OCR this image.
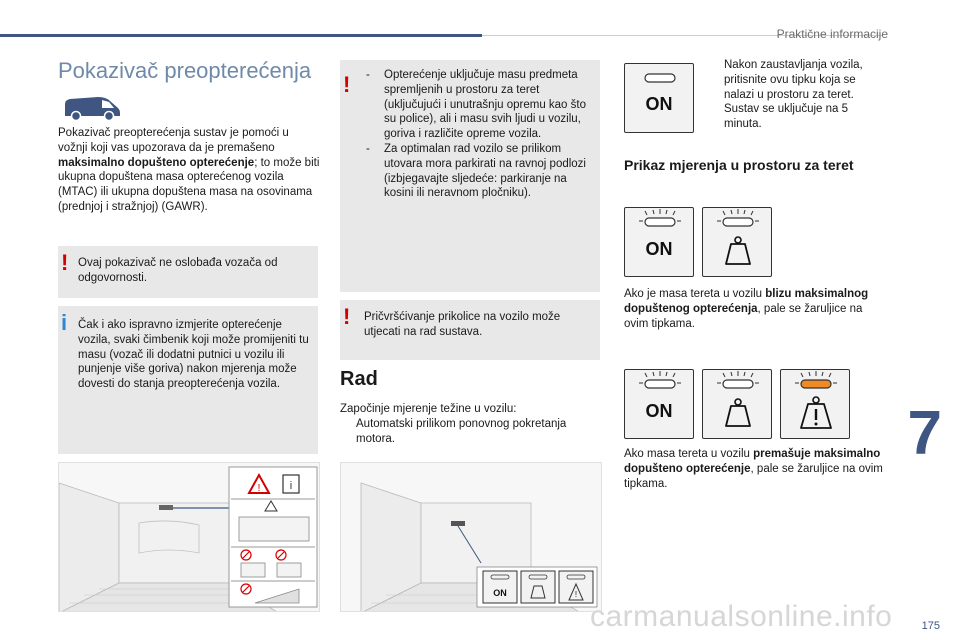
Praktične informacije
Pokazivač preopterećenja
Pokazivač preopterećenja sustav je pomoći u vožnji koji vas upozorava da je premašeno maksimalno dopušteno opterećenje; to može biti ukupna dopuštena masa opterećenog vozila (MTAC) ili ukupna dopuštena masa na osovinama (prednjoj i stražnjoj) (GAWR).
! Ovaj pokazivač ne oslobađa vozača od odgovornosti.
i Čak i ako ispravno izmjerite opterećenje vozila, svaki čimbenik koji može promijeniti tu masu (vozač ili dodatni putnici u vozilu ili punjenje više goriva) nakon mjerenja može dovesti do stanja preopterećenja vozila.
!	i
! - Opterećenje uključuje masu predmeta spremljenih u prostoru za teret (uključujući i unutrašnju opremu kao što su police), ali i masu svih ljudi u vozilu, goriva i različite opreme vozila.
- Za optimalan rad vozilo se prilikom utovara mora parkirati na ravnoj podlozi (izbjegavajte sljedeće: parkiranje na kosini ili neravnom pločniku).
! Pričvršćivanje prikolice na vozilo može utjecati na rad sustava.
Rad
Započinje mjerenje težine u vozilu:
Automatski prilikom ponovnog pokretanja motora.
ON	!
ON
Nakon zaustavljanja vozila, pritisnite ovu tipku koja se nalazi u prostoru za teret. Sustav se uključuje na 5 minuta.
Prikaz mjerenja u prostoru za teret
ON
Ako je masa tereta u vozilu blizu maksimalnog dopuštenog opterećenja, pale se žaruljice na ovim tipkama.
ON
Ako masa tereta u vozilu premašuje maksimalno dopušteno opterećenje, pale se žaruljice na ovim tipkama.
7
carmanualsonline.info	175
